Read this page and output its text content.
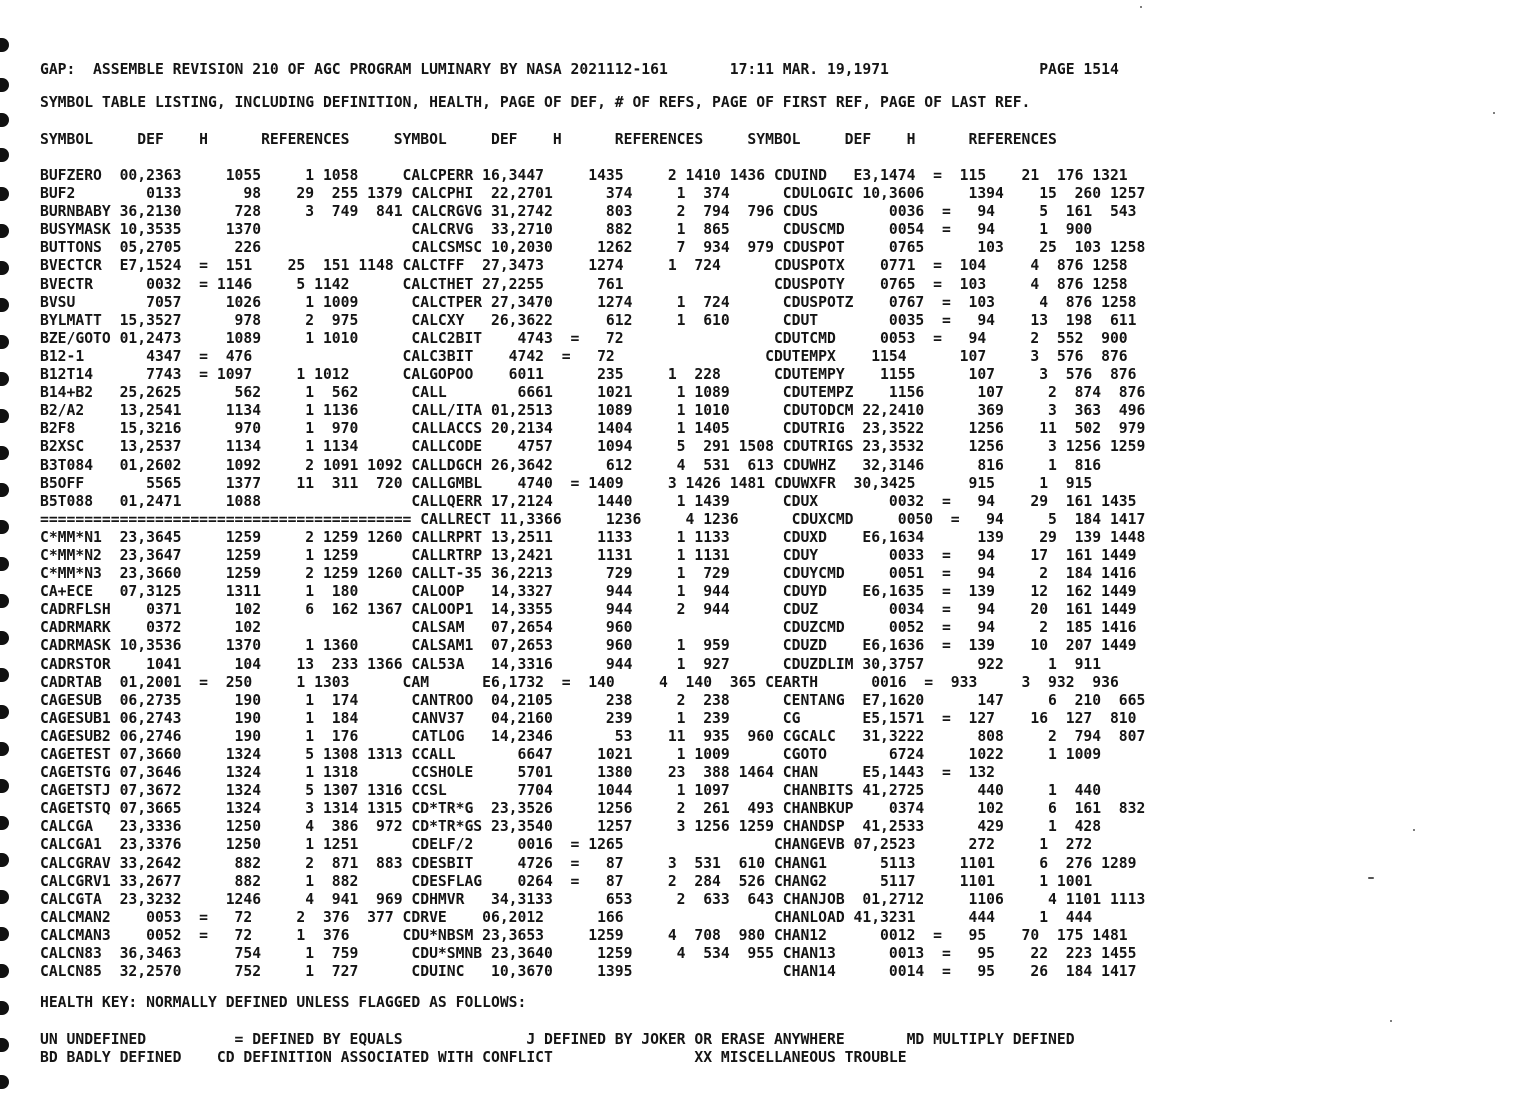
GAP:  ASSEMBLE REVISION 210 OF AGC PROGRAM LUMINARY BY NASA 2021112-161       17:11 MAR. 19,1971                 PAGE 1514
SYMBOL TABLE LISTING, INCLUDING DEFINITION, HEALTH, PAGE OF DEF, # OF REFS, PAGE OF FIRST REF, PAGE OF LAST REF.
SYMBOL     DEF    H      REFERENCES     SYMBOL     DEF    H      REFERENCES     SYMBOL     DEF    H      REFERENCES
BUFZERO  00,2363     1055     1 1058     CALCPERR 16,3447     1435     2 1410 1436 CDUIND   E3,1474  =  115    21  176 1321
BUF2        0133       98    29  255 1379 CALCPHI  22,2701      374     1  374      CDULOGIC 10,3606     1394    15  260 1257
BURNBABY 36,2130      728     3  749  841 CALCRGVG 31,2742      803     2  794  796 CDUS        0036  =   94     5  161  543
BUSYMASK 10,3535     1370                 CALCRVG  33,2710      882     1  865      CDUSCMD     0054  =   94     1  900
BUTTONS  05,2705      226                 CALCSMSC 10,2030     1262     7  934  979 CDUSPOT     0765      103    25  103 1258
BVECTCR  E7,1524  =  151    25  151 1148 CALCTFF  27,3473     1274     1  724      CDUSPOTX    0771  =  104     4  876 1258
BVECTR      0032  = 1146     5 1142      CALCTHET 27,2255      761                 CDUSPOTY    0765  =  103     4  876 1258
BVSU        7057     1026     1 1009      CALCTPER 27,3470     1274     1  724      CDUSPOTZ    0767  =  103     4  876 1258
BYLMATT  15,3527      978     2  975      CALCXY   26,3622      612     1  610      CDUT        0035  =   94    13  198  611
BZE/GOTO 01,2473     1089     1 1010      CALC2BIT    4743  =   72                 CDUTCMD     0053  =   94     2  552  900
B12-1       4347  =  476                 CALC3BIT    4742  =   72                 CDUTEMPX    1154      107     3  576  876
B12T14      7743  = 1097     1 1012      CALGOPOO    6011      235     1  228      CDUTEMPY    1155      107     3  576  876
B14+B2   25,2625      562     1  562      CALL        6661     1021     1 1089      CDUTEMPZ    1156      107     2  874  876
B2/A2    13,2541     1134     1 1136      CALL/ITA 01,2513     1089     1 1010      CDUTODCM 22,2410      369     3  363  496
B2F8     15,3216      970     1  970      CALLACCS 20,2134     1404     1 1405      CDUTRIG  23,3522     1256    11  502  979
B2XSC    13,2537     1134     1 1134      CALLCODE    4757     1094     5  291 1508 CDUTRIGS 23,3532     1256     3 1256 1259
B3T084   01,2602     1092     2 1091 1092 CALLDGCH 26,3642      612     4  531  613 CDUWHZ   32,3146      816     1  816
B5OFF       5565     1377    11  311  720 CALLGMBL    4740  = 1409     3 1426 1481 CDUWXFR  30,3425      915     1  915
B5T088   01,2471     1088                 CALLQERR 17,2124     1440     1 1439      CDUX        0032  =   94    29  161 1435
========================================== CALLRECT 11,3366     1236     4 1236      CDUXCMD     0050  =   94     5  184 1417
C*MM*N1  23,3645     1259     2 1259 1260 CALLRPRT 13,2511     1133     1 1133      CDUXD    E6,1634      139    29  139 1448
C*MM*N2  23,3647     1259     1 1259      CALLRTRP 13,2421     1131     1 1131      CDUY        0033  =   94    17  161 1449
C*MM*N3  23,3660     1259     2 1259 1260 CALLT-35 36,2213      729     1  729      CDUYCMD     0051  =   94     2  184 1416
CA+ECE   07,3125     1311     1  180      CALOOP   14,3327      944     1  944      CDUYD    E6,1635  =  139    12  162 1449
CADRFLSH    0371      102     6  162 1367 CALOOP1  14,3355      944     2  944      CDUZ        0034  =   94    20  161 1449
CADRMARK    0372      102                 CALSAM   07,2654      960                 CDUZCMD     0052  =   94     2  185 1416
CADRMASK 10,3536     1370     1 1360      CALSAM1  07,2653      960     1  959      CDUZD    E6,1636  =  139    10  207 1449
CADRSTOR    1041      104    13  233 1366 CAL53A   14,3316      944     1  927      CDUZDLIM 30,3757      922     1  911
CADRTAB  01,2001  =  250     1 1303      CAM      E6,1732  =  140     4  140  365 CEARTH      0016  =  933     3  932  936
CAGESUB  06,2735      190     1  174      CANTROO  04,2105      238     2  238      CENTANG  E7,1620      147     6  210  665
CAGESUB1 06,2743      190     1  184      CANV37   04,2160      239     1  239      CG       E5,1571  =  127    16  127  810
CAGESUB2 06,2746      190     1  176      CATLOG   14,2346       53    11  935  960 CGCALC   31,3222      808     2  794  807
CAGETEST 07,3660     1324     5 1308 1313 CCALL       6647     1021     1 1009      CGOTO       6724     1022     1 1009
CAGETSTG 07,3646     1324     1 1318      CCSHOLE     5701     1380    23  388 1464 CHAN     E5,1443  =  132
CAGETSTJ 07,3672     1324     5 1307 1316 CCSL        7704     1044     1 1097      CHANBITS 41,2725      440     1  440
CAGETSTQ 07,3665     1324     3 1314 1315 CD*TR*G  23,3526     1256     2  261  493 CHANBKUP    0374      102     6  161  832
CALCGA   23,3336     1250     4  386  972 CD*TR*GS 23,3540     1257     3 1256 1259 CHANDSP  41,2533      429     1  428
CALCGA1  23,3376     1250     1 1251      CDELF/2     0016  = 1265                 CHANGEVB 07,2523      272     1  272
CALCGRAV 33,2642      882     2  871  883 CDESBIT     4726  =   87     3  531  610 CHANG1      5113     1101     6  276 1289
CALCGRV1 33,2677      882     1  882      CDESFLAG    0264  =   87     2  284  526 CHANG2      5117     1101     1 1001
CALCGTA  23,3232     1246     4  941  969 CDHMVR   34,3133      653     2  633  643 CHANJOB  01,2712     1106     4 1101 1113
CALCMAN2    0053  =   72     2  376  377 CDRVE    06,2012      166                 CHANLOAD 41,3231      444     1  444
CALCMAN3    0052  =   72     1  376      CDU*NBSM 23,3653     1259     4  708  980 CHAN12      0012  =   95    70  175 1481
CALCN83  36,3463      754     1  759      CDU*SMNB 23,3640     1259     4  534  955 CHAN13      0013  =   95    22  223 1455
CALCN85  32,2570      752     1  727      CDUINC   10,3670     1395                 CHAN14      0014  =   95    26  184 1417
HEALTH KEY: NORMALLY DEFINED UNLESS FLAGGED AS FOLLOWS:
UN UNDEFINED          = DEFINED BY EQUALS              J DEFINED BY JOKER OR ERASE ANYWHERE       MD MULTIPLY DEFINED
BD BADLY DEFINED    CD DEFINITION ASSOCIATED WITH CONFLICT                XX MISCELLANEOUS TROUBLE
